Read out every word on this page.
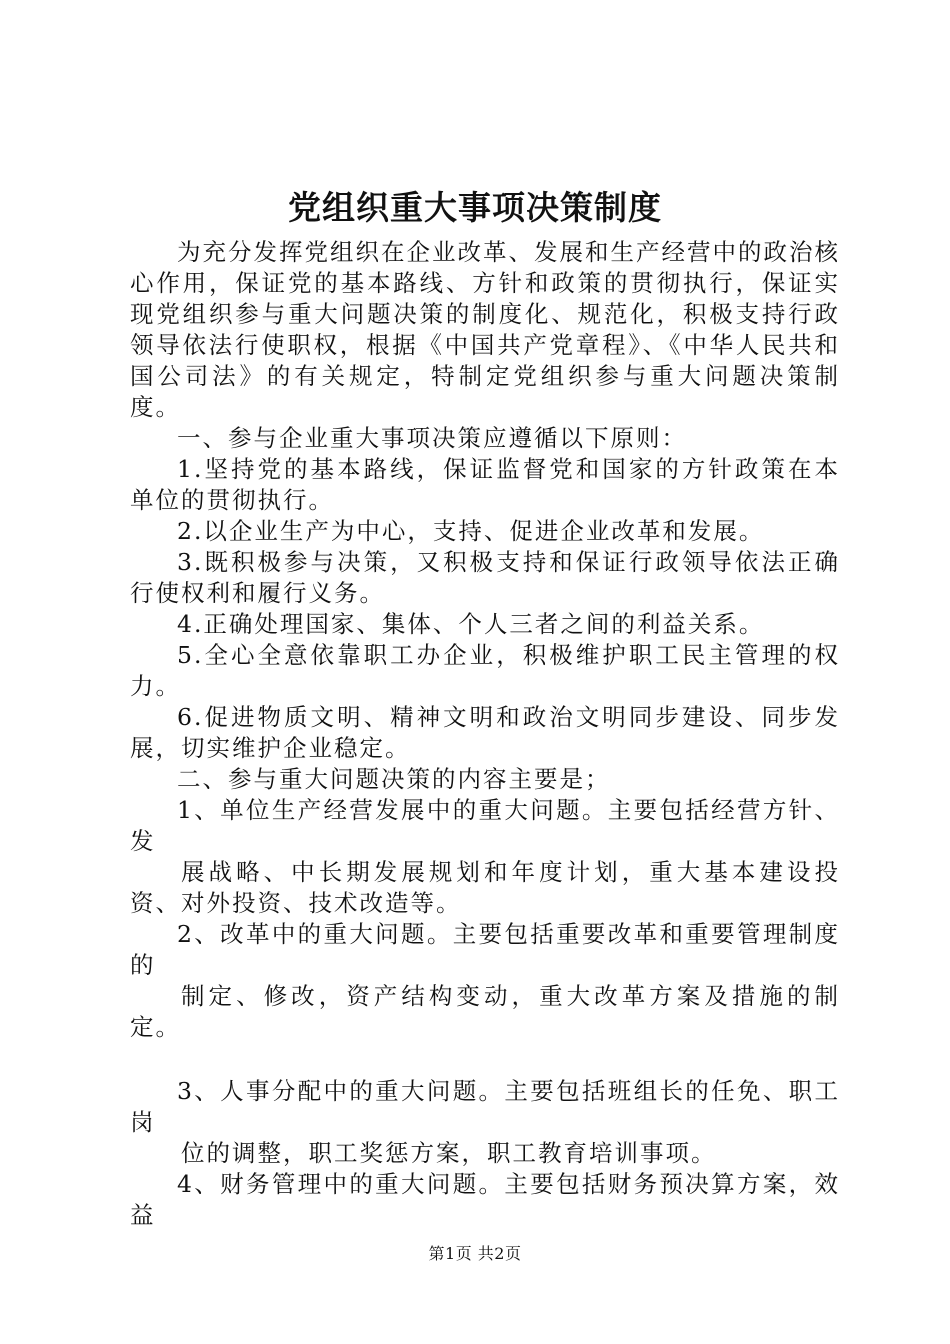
党组织重大事项决策制度

为充分发挥党组织在企业改革、发展和生产经营中的政治核心作用，保证党的基本路线、方针和政策的贯彻执行，保证实现党组织参与重大问题决策的制度化、规范化，积极支持行政领导依法行使职权，根据《中国共产党章程》、《中华人民共和国公司法》的有关规定，特制定党组织参与重大问题决策制度。

一、参与企业重大事项决策应遵循以下原则：

1.坚持党的基本路线，保证监督党和国家的方针政策在本单位的贯彻执行。

2.以企业生产为中心，支持、促进企业改革和发展。

3.既积极参与决策，又积极支持和保证行政领导依法正确行使权利和履行义务。

4.正确处理国家、集体、个人三者之间的利益关系。

5.全心全意依靠职工办企业，积极维护职工民主管理的权力。

6.促进物质文明、精神文明和政治文明同步建设、同步发展，切实维护企业稳定。

二、参与重大问题决策的内容主要是；

1、单位生产经营发展中的重大问题。主要包括经营方针、发

展战略、中长期发展规划和年度计划，重大基本建设投资、对外投资、技术改造等。

2、改革中的重大问题。主要包括重要改革和重要管理制度的

制定、修改，资产结构变动，重大改革方案及措施的制定。

3、人事分配中的重大问题。主要包括班组长的任免、职工岗

位的调整，职工奖惩方案，职工教育培训事项。

4、财务管理中的重大问题。主要包括财务预决算方案，效益

第1页 共2页
